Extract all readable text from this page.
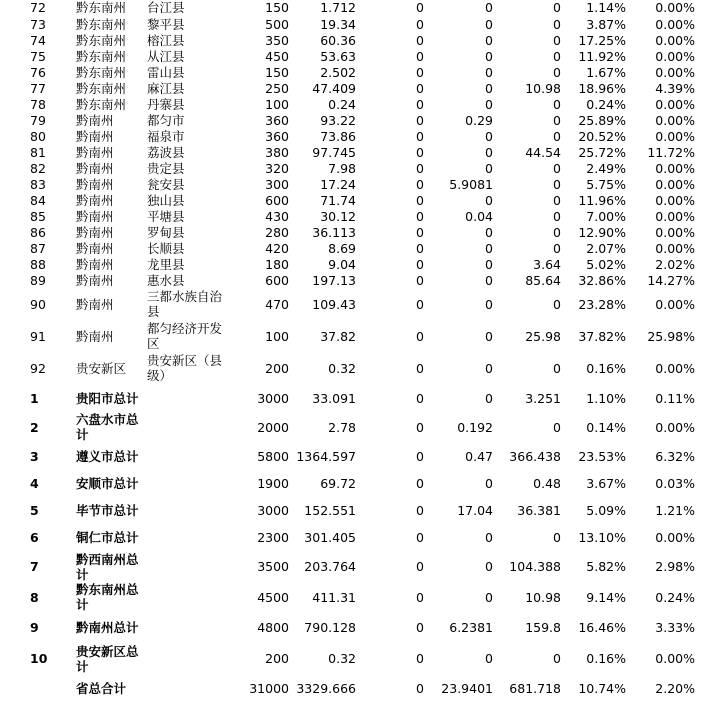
72	黔东南州	台江县	150	1.712	0	0	0	1.14%	0.00%
73	黔东南州	黎平县	500	19.34	0	0	0	3.87%	0.00%
74	黔东南州	榕江县	350	60.36	0	0	0	17.25%	0.00%
75	黔东南州	从江县	450	53.63	0	0	0	11.92%	0.00%
76	黔东南州	雷山县	150	2.502	0	0	0	1.67%	0.00%
77	黔东南州	麻江县	250	47.409	0	0	10.98	18.96%	4.39%
78	黔东南州	丹寨县	100	0.24	0	0	0	0.24%	0.00%
79	黔南州	都匀市	360	93.22	0	0.29	0	25.89%	0.00%
80	黔南州	福泉市	360	73.86	0	0	0	20.52%	0.00%
81	黔南州	荔波县	380	97.745	0	0	44.54	25.72%	11.72%
82	黔南州	贵定县	320	7.98	0	0	0	2.49%	0.00%
83	黔南州	瓮安县	300	17.24	0	5.9081	0	5.75%	0.00%
84	黔南州	独山县	600	71.74	0	0	0	11.96%	0.00%
85	黔南州	平塘县	430	30.12	0	0.04	0	7.00%	0.00%
86	黔南州	罗甸县	280	36.113	0	0	0	12.90%	0.00%
87	黔南州	长顺县	420	8.69	0	0	0	2.07%	0.00%
88	黔南州	龙里县	180	9.04	0	0	3.64	5.02%	2.02%
89	黔南州	惠水县	600	197.13	0	0	85.64	32.86%	14.27%
90	黔南州	三都水族自治县	470	109.43	0	0	0	23.28%	0.00%
91	黔南州	都匀经济开发区	100	37.82	0	0	25.98	37.82%	25.98%
92	贵安新区	贵安新区（县级）	200	0.32	0	0	0	0.16%	0.00%
1	贵阳市总计	3000	33.091	0	0	3.251	1.10%	0.11%
2	六盘水市总计	2000	2.78	0	0.192	0	0.14%	0.00%
3	遵义市总计	5800 1364.597	0	0.47	366.438	23.53%	6.32%
4	安顺市总计	1900	69.72	0	0	0.48	3.67%	0.03%
5	毕节市总计	3000	152.551	0	17.04	36.381	5.09%	1.21%
6	铜仁市总计	2300	301.405	0	0	0	13.10%	0.00%
7	黔西南州总计	3500	203.764	0	0	104.388	5.82%	2.98%
8	黔东南州总计	4500	411.31	0	0	10.98	9.14%	0.24%
9	黔南州总计	4800	790.128	0	6.2381	159.8	16.46%	3.33%
10	贵安新区总计	200	0.32	0	0	0	0.16%	0.00%
省总合计	31000 3329.666	0	23.9401	681.718	10.74%	2.20%
